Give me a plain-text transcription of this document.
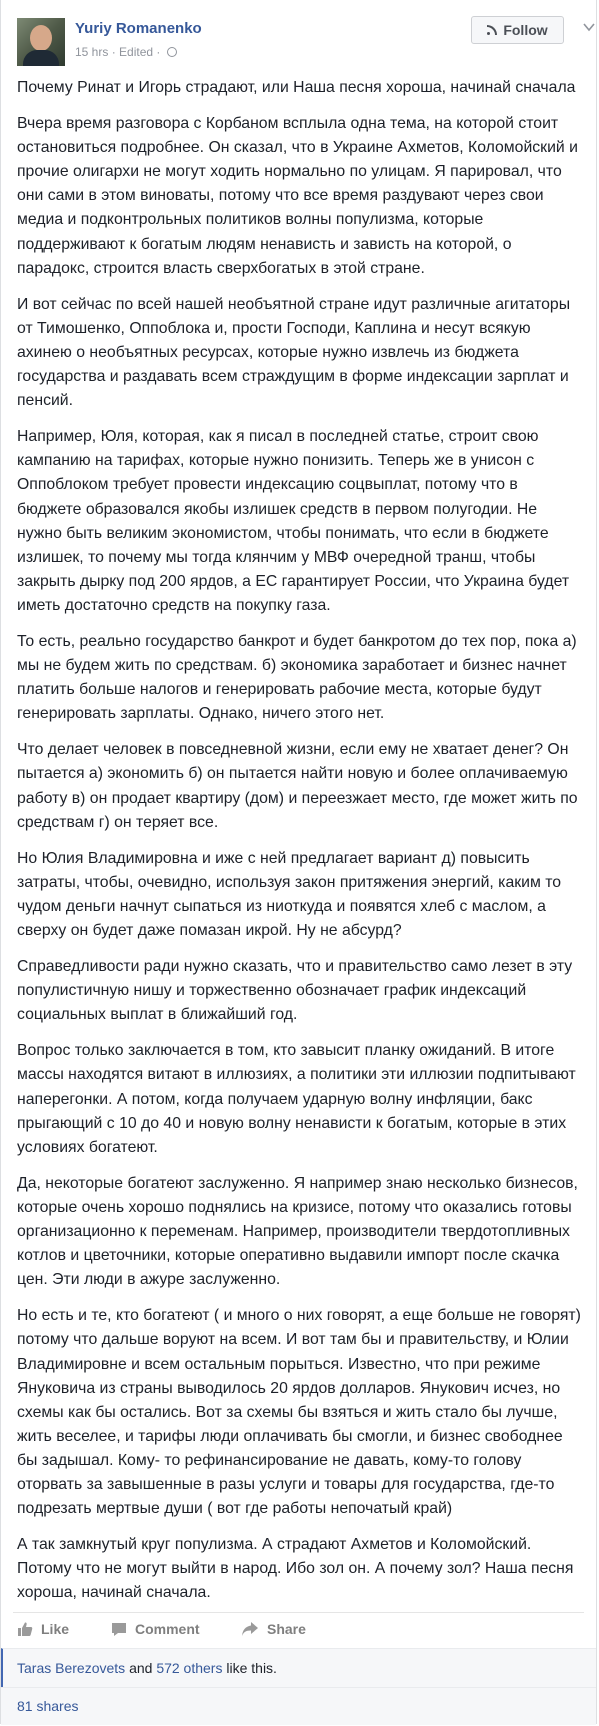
Yuriy Romanenko
15 hrs · Edited ·
Follow

Почему Ринат и Игорь страдают, или Наша песня хороша, начинай сначала

Вчера время разговора с Корбаном всплыла одна тема, на которой стоит остановиться подробнее. Он сказал, что в Украине Ахметов, Коломойский и прочие олигархи не могут ходить нормально по улицам. Я парировал, что они сами в этом виноваты, потому что все время раздувают через свои медиа и подконтрольных политиков волны популизма, которые поддерживают к богатым людям ненависть и зависть на которой, о парадокс, строится власть сверхбогатых в этой стране.

И вот сейчас по всей нашей необъятной стране идут различные агитаторы от Тимошенко, Оппоблока и, прости Господи, Каплина и несут всякую ахинею о необъятных ресурсах, которые нужно извлечь из бюджета государства и раздавать всем страждущим в форме индексации зарплат и пенсий.

Например, Юля, которая, как я писал в последней статье, строит свою кампанию на тарифах, которые нужно понизить. Теперь же в унисон с Оппоблоком требует провести индексацию соцвыплат, потому что в бюджете образовался якобы излишек средств в первом полугодии. Не нужно быть великим экономистом, чтобы понимать, что если в бюджете излишек, то почему мы тогда клянчим у МВФ очередной транш, чтобы закрыть дырку под 200 ярдов, а ЕС гарантирует России, что Украина будет иметь достаточно средств на покупку газа.

То есть, реально государство банкрот и будет банкротом до тех пор, пока а) мы не будем жить по средствам. б) экономика заработает и бизнес начнет платить больше налогов и генерировать рабочие места, которые будут генерировать зарплаты. Однако, ничего этого нет.

Что делает человек в повседневной жизни, если ему не хватает денег? Он пытается а) экономить б) он пытается найти новую и более оплачиваемую работу в) он продает квартиру (дом) и переезжает место, где может жить по средствам г) он теряет все.

Но Юлия Владимировна и иже с ней предлагает вариант д) повысить затраты, чтобы, очевидно, используя закон притяжения энергий, каким то чудом деньги начнут сыпаться из ниоткуда и появятся хлеб с маслом, а сверху он будет даже помазан икрой. Ну не абсурд?

Справедливости ради нужно сказать, что и правительство само лезет в эту популистичную нишу и торжественно обозначает график индексаций социальных выплат в ближайший год.

Вопрос только заключается в том, кто завысит планку ожиданий. В итоге массы находятся витают в иллюзиях, а политики эти иллюзии подпитывают наперегонки. А потом, когда получаем ударную волну инфляции, бакс прыгающий с 10 до 40 и новую волну ненависти к богатым, которые в этих условиях богатеют.

Да, некоторые богатеют заслуженно. Я например знаю несколько бизнесов, которые очень хорошо поднялись на кризисе, потому что оказались готовы организационно к переменам. Например, производители твердотопливных котлов и цветочники, которые оперативно выдавили импорт после скачка цен. Эти люди в ажуре заслуженно.

Но есть и те, кто богатеют ( и много о них говорят, а еще больше не говорят) потому что дальше воруют на всем. И вот там бы и правительству, и Юлии Владимировне и всем остальным порыться. Известно, что при режиме Януковича из страны выводилось 20 ярдов долларов. Янукович исчез, но схемы как бы остались. Вот за схемы бы взяться и жить стало бы лучше, жить веселее, и тарифы люди оплачивать бы смогли, и бизнес свободнее бы задышал. Кому- то рефинансирование не давать, кому-то голову оторвать за завышенные в разы услуги и товары для государства, где-то подрезать мертвые души ( вот где работы непочатый край)

А так замкнутый круг популизма. А страдают Ахметов и Коломойский. Потому что не могут выйти в народ. Ибо зол он. А почему зол? Наша песня хороша, начинай сначала.

Like	Comment	Share
Taras Berezovets and 572 others like this.
81 shares
